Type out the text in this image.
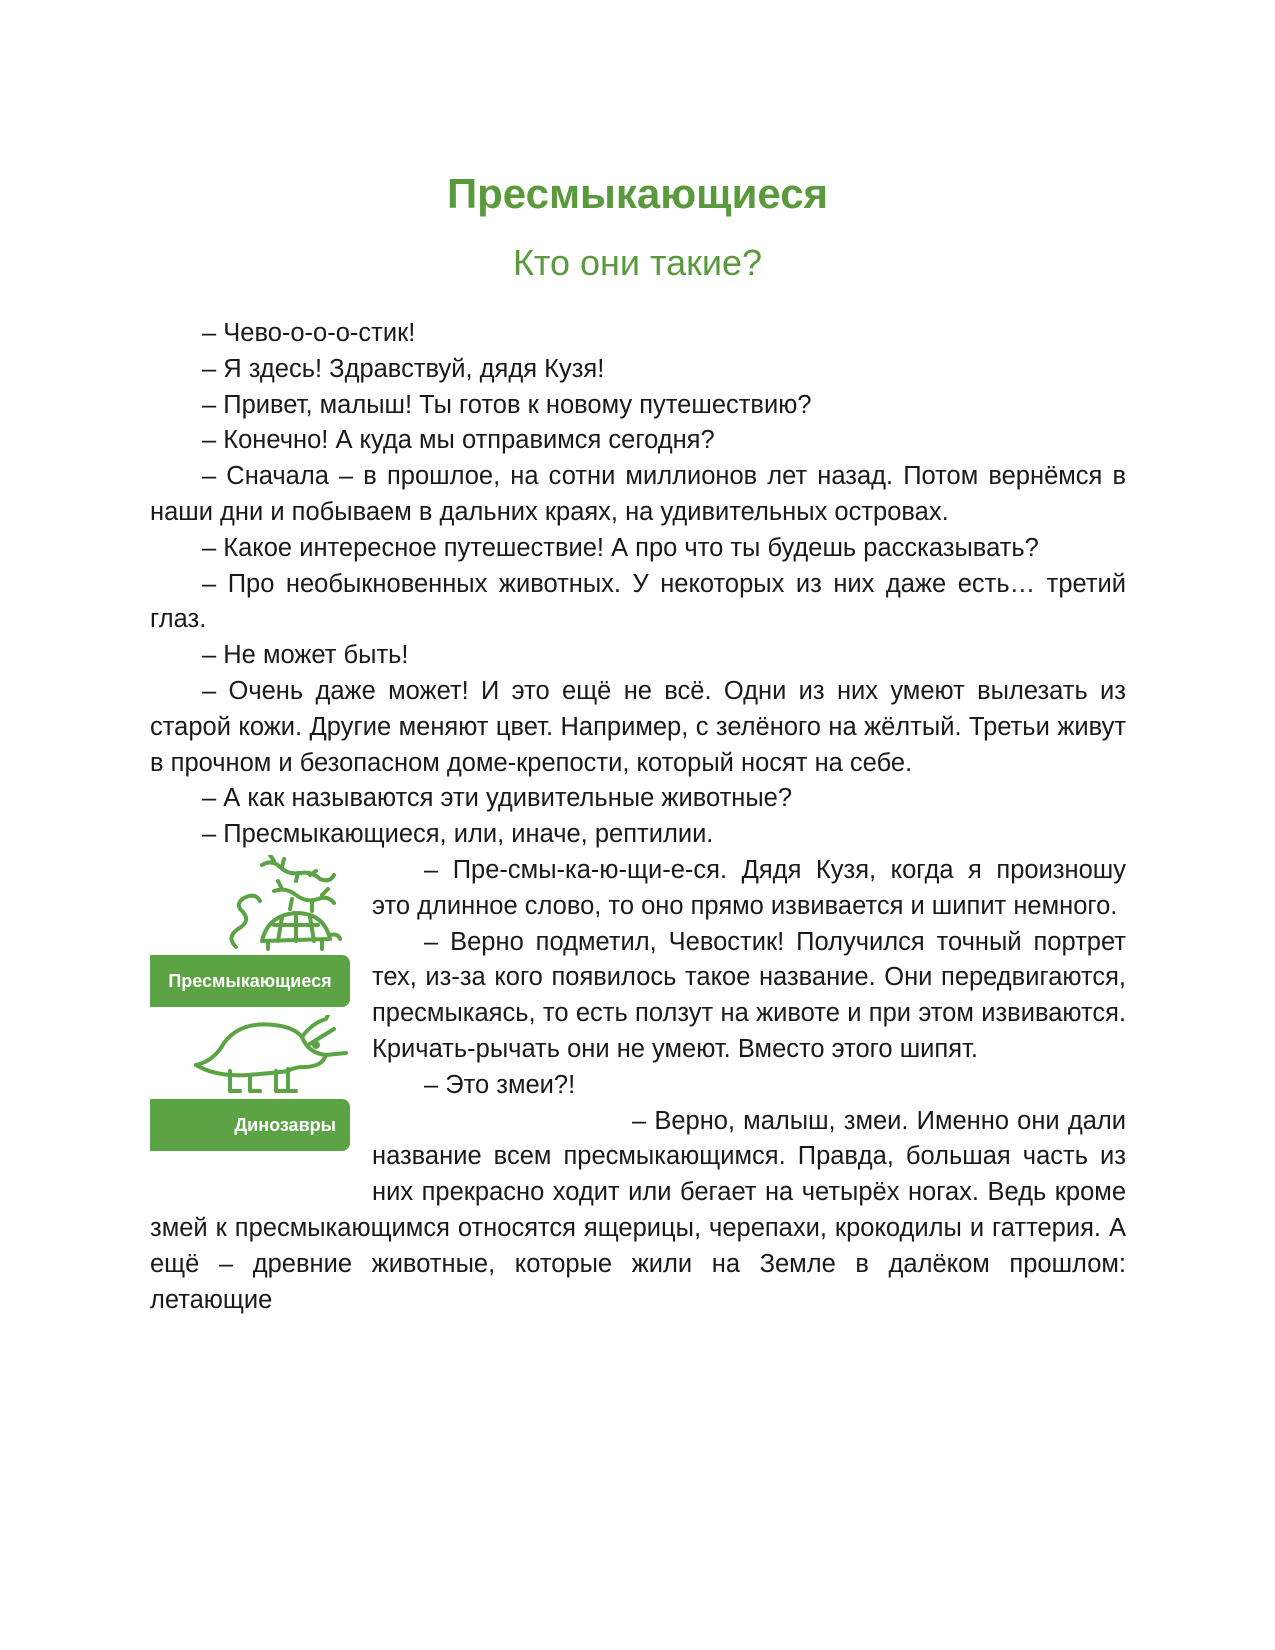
Пресмыкающиеся
Кто они такие?

– Чево-о-о-о-стик!

– Я здесь! Здравствуй, дядя Кузя!

– Привет, малыш! Ты готов к новому путешествию?

– Конечно! А куда мы отправимся сегодня?

– Сначала – в прошлое, на сотни миллионов лет назад. Потом вернёмся в наши дни и побываем в дальних краях, на удивительных островах.

– Какое интересное путешествие! А про что ты будешь рассказывать?

– Про необыкновенных животных. У некоторых из них даже есть… третий глаз.

– Не может быть!

– Очень даже может! И это ещё не всё. Одни из них умеют вылезать из старой кожи. Другие меняют цвет. Например, с зелёного на жёлтый. Третьи живут в прочном и безопасном доме-крепости, который носят на себе.

– А как называются эти удивительные животные?

– Пресмыкающиеся, или, иначе, рептилии.

Пресмыкающиеся
Динозавры

– Пре-смы-ка-ю-щи-е-ся. Дядя Кузя, когда я произношу это длинное слово, то оно прямо извивается и шипит немного.

– Верно подметил, Чевостик! Получился точный портрет тех, из-за кого появилось такое название. Они передвигаются, пресмыкаясь, то есть ползут на животе и при этом извиваются. Кричать-рычать они не умеют. Вместо этого шипят.

– Это змеи?!

– Верно, малыш, змеи. Именно они дали название всем пресмыкающимся. Правда, большая часть из них прекрасно ходит или бегает на четырёх ногах. Ведь кроме змей к пресмыкающимся относятся ящерицы, черепахи, крокодилы и гаттерия. А ещё – древние животные, которые жили на Земле в далёком прошлом: летающие
